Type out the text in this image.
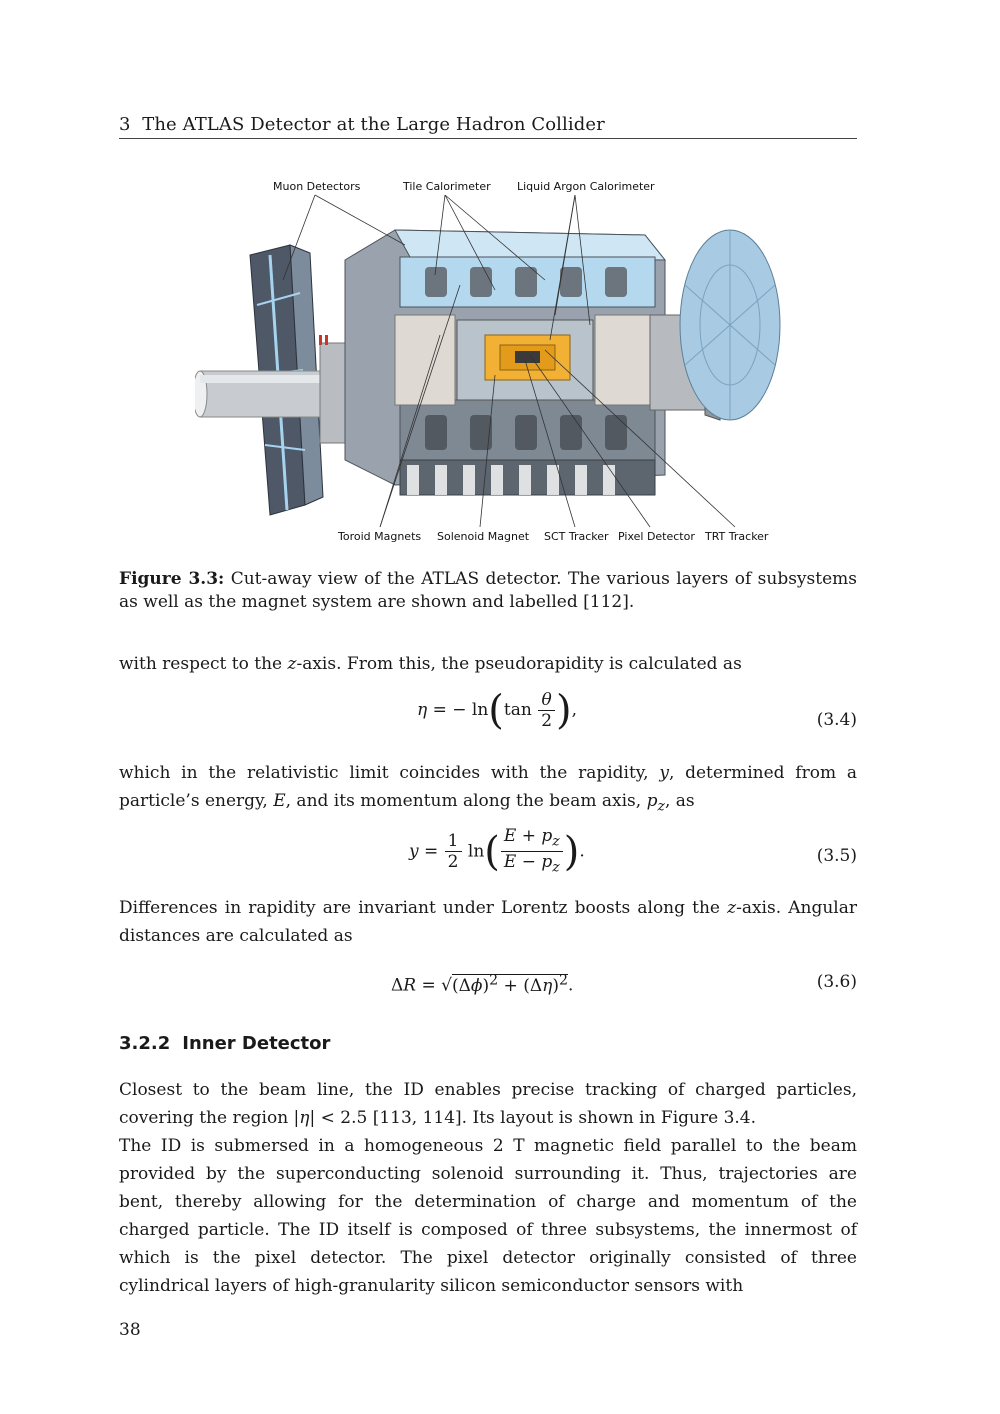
3 The ATLAS Detector at the Large Hadron Collider
Muon Detectors	Tile Calorimeter Liquid Argon Calorimeter
Toroid Magnets Solenoid Magnet SCT Tracker Pixel Detector TRT Tracker
Figure 3.3: Cut-away view of the ATLAS detector. The various layers of subsystems as well as the magnet system are shown and labelled [112].

with respect to the z-axis. From this, the pseudorapidity is calculated as

η = − $\ln(\tan \frac{\theta}{2}$ ),	(3.4)

which in the relativistic limit coincides with the rapidity, y, determined from a particle’s energy, E, and its momentum along the beam axis, $p_z$, as

$y = \frac{1}{2} \ln( \frac{E + p_z}{E - p_z}$ ).	(3.5)

Differences in rapidity are invariant under Lorentz boosts along the z-axis. Angular distances are calculated as

$\Delta R = √(\Delta\phi)^2 + (\Delta\eta)^2$.	(3.6)
3.2.2 Inner Detector

Closest to the beam line, the ID enables precise tracking of charged particles, covering the region |η| < 2.5 [113, 114]. Its layout is shown in Figure 3.4.

The ID is submersed in a homogeneous 2 T magnetic field parallel to the beam provided by the superconducting solenoid surrounding it. Thus, trajectories are bent, thereby allowing for the determination of charge and momentum of the charged particle. The ID itself is composed of three subsystems, the innermost of which is the pixel detector. The pixel detector originally consisted of three cylindrical layers of high-granularity silicon semiconductor sensors with

38
